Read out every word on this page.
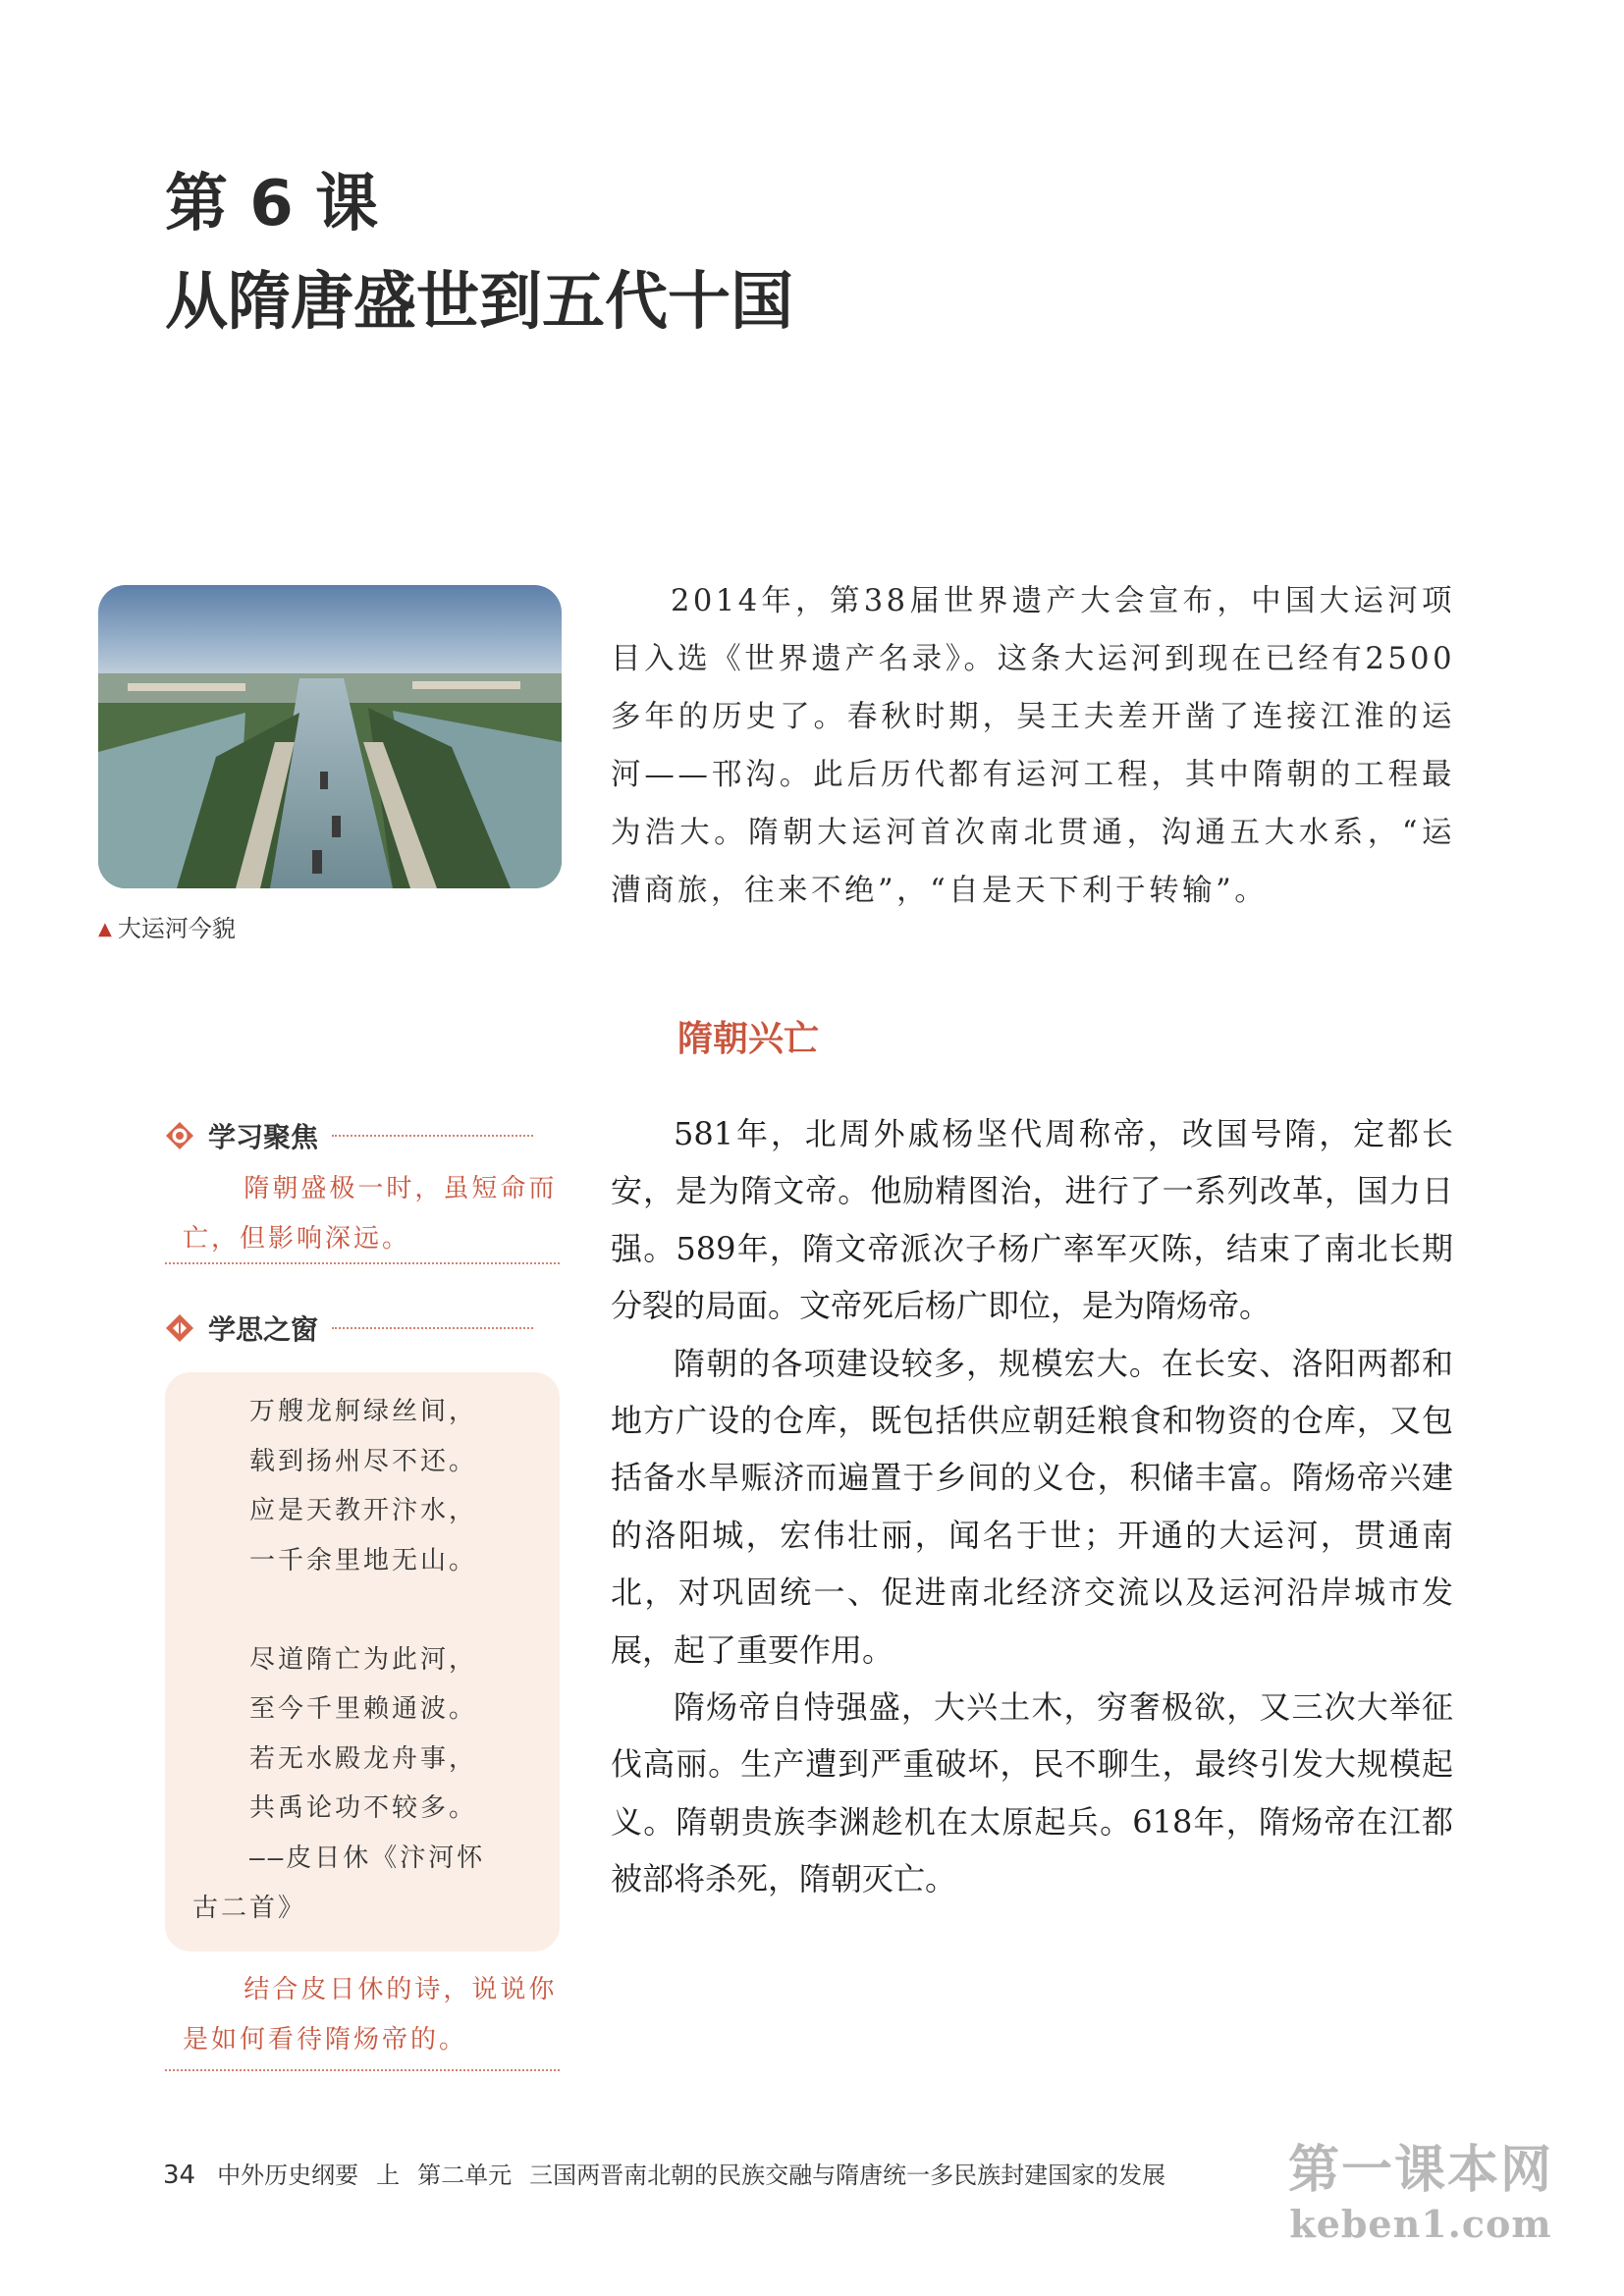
第 6 课
从隋唐盛世到五代十国
▲ 大运河今貌
2014年，第38届世界遗产大会宣布，中国大运河项目入选《世界遗产名录》。这条大运河到现在已经有2500多年的历史了。春秋时期，吴王夫差开凿了连接江淮的运河——邗沟。此后历代都有运河工程，其中隋朝的工程最为浩大。隋朝大运河首次南北贯通，沟通五大水系，“运漕商旅，往来不绝”，“自是天下利于转输”。
隋朝兴亡

581年，北周外戚杨坚代周称帝，改国号隋，定都长安，是为隋文帝。他励精图治，进行了一系列改革，国力日强。589年，隋文帝派次子杨广率军灭陈，结束了南北长期分裂的局面。文帝死后杨广即位，是为隋炀帝。

隋朝的各项建设较多，规模宏大。在长安、洛阳两都和地方广设的仓库，既包括供应朝廷粮食和物资的仓库，又包括备水旱赈济而遍置于乡间的义仓，积储丰富。隋炀帝兴建的洛阳城，宏伟壮丽，闻名于世；开通的大运河，贯通南北，对巩固统一、促进南北经济交流以及运河沿岸城市发展，起了重要作用。

隋炀帝自恃强盛，大兴土木，穷奢极欲，又三次大举征伐高丽。生产遭到严重破坏，民不聊生，最终引发大规模起义。隋朝贵族李渊趁机在太原起兵。618年，隋炀帝在江都被部将杀死，隋朝灭亡。

学习聚焦
隋朝盛极一时，虽短命而亡，但影响深远。
学思之窗
万艘龙舸绿丝间，
载到扬州尽不还。
应是天教开汴水，
一千余里地无山。
尽道隋亡为此河，
至今千里赖通波。
若无水殿龙舟事，
共禹论功不较多。
——皮日休《汴河怀
古二首》
结合皮日休的诗，说说你是如何看待隋炀帝的。
34 中外历史纲要 上 第二单元 三国两晋南北朝的民族交融与隋唐统一多民族封建国家的发展 第一课本网
keben1.com
